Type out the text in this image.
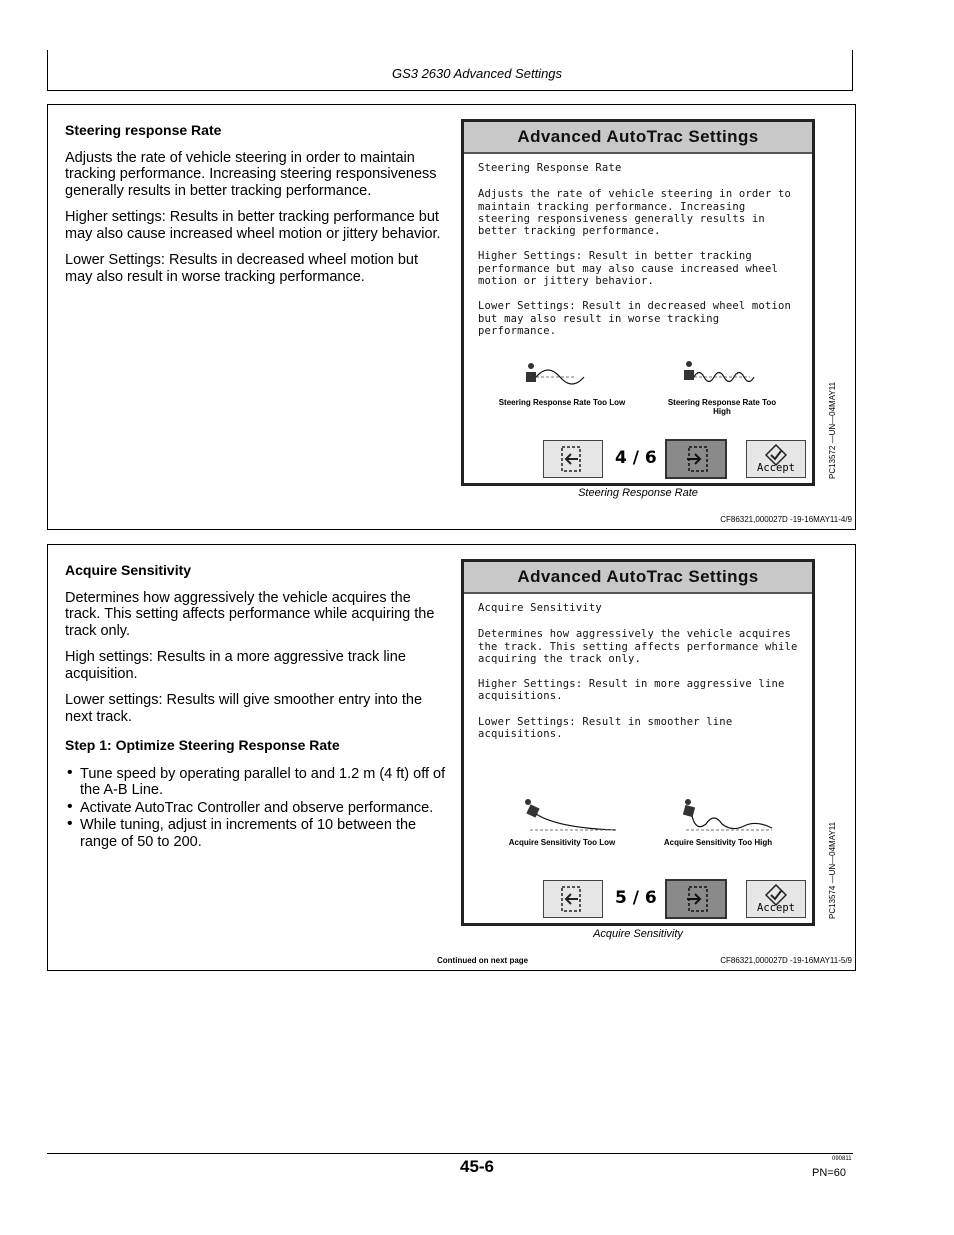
GS3 2630 Advanced Settings
Steering response Rate

Adjusts the rate of vehicle steering in order to maintain tracking performance. Increasing steering responsiveness generally results in better tracking performance.

Higher settings: Results in better tracking performance but may also cause increased wheel motion or jittery behavior.

Lower Settings: Results in decreased wheel motion but may also result in worse tracking performance.

Advanced AutoTrac Settings

Steering Response Rate

Adjusts the rate of vehicle steering in order to maintain tracking performance. Increasing steering responsiveness generally results in better tracking performance.

Higher Settings: Result in better tracking performance but may also cause increased wheel motion or jittery behavior.

Lower Settings: Result in decreased wheel motion but may also result in worse tracking performance.

Steering Response Rate Too Low	Steering Response Rate Too High
4 / 6	Accept	PC13572 —UN—04MAY11
Steering Response Rate
CF86321,000027D -19-16MAY11-4/9
Acquire Sensitivity

Determines how aggressively the vehicle acquires the track. This setting affects performance while acquiring the track only.

High settings: Results in a more aggressive track line acquisition.

Lower settings: Results will give smoother entry into the next track.

Step 1: Optimize Steering Response Rate
• Tune speed by operating parallel to and 1.2 m (4 ft) off of the A-B Line.
• Activate AutoTrac Controller and observe performance.
• While tuning, adjust in increments of 10 between the range of 50 to 200.
Advanced AutoTrac Settings

Acquire Sensitivity

Determines how aggressively the vehicle acquires the track. This setting affects performance while acquiring the track only.

Higher Settings: Result in more aggressive line acquisitions.

Lower Settings: Result in smoother line acquisitions.

Acquire Sensitivity Too Low	Acquire Sensitivity Too High
5 / 6	Accept	PC13574 —UN—04MAY11
Acquire Sensitivity
Continued on next page	CF86321,000027D -19-16MAY11-5/9
45-6	090811
PN=60
